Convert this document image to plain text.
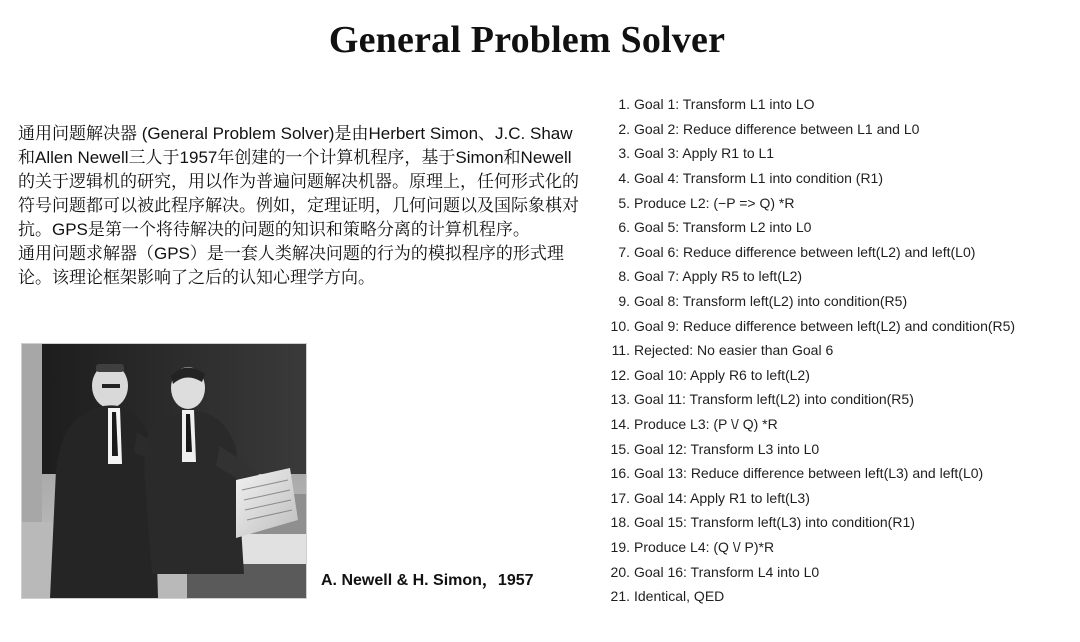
General Problem Solver

通用问题解决器 (General Problem Solver)是由Herbert Simon、J.C. Shaw和Allen Newell三人于1957年创建的一个计算机程序，基于Simon和Newell的关于逻辑机的研究，用以作为普遍问题解决机器。原理上，任何形式化的符号问题都可以被此程序解决。例如，定理证明，几何问题以及国际象棋对抗。GPS是第一个将待解决的问题的知识和策略分离的计算机程序。

通用问题求解器（GPS）是一套人类解决问题的行为的模拟程序的形式理论。该理论框架影响了之后的认知心理学方向。

A. Newell & H. Simon，1957
1. Goal 1: Transform L1 into LO
2. Goal 2: Reduce difference between L1 and L0
3. Goal 3: Apply R1 to L1
4. Goal 4: Transform L1 into condition (R1)
5. Produce L2: (−P => Q) *R
6. Goal 5: Transform L2 into L0
7. Goal 6: Reduce difference between left(L2) and left(L0)
8. Goal 7: Apply R5 to left(L2)
9. Goal 8: Transform left(L2) into condition(R5)
10. Goal 9: Reduce difference between left(L2) and condition(R5)
11. Rejected: No easier than Goal 6
12. Goal 10: Apply R6 to left(L2)
13. Goal 11: Transform left(L2) into condition(R5)
14. Produce L3: (P \/ Q) *R
15. Goal 12: Transform L3 into L0
16. Goal 13: Reduce difference between left(L3) and left(L0)
17. Goal 14: Apply R1 to left(L3)
18. Goal 15: Transform left(L3) into condition(R1)
19. Produce L4: (Q \/ P)*R
20. Goal 16: Transform L4 into L0
21. Identical, QED
